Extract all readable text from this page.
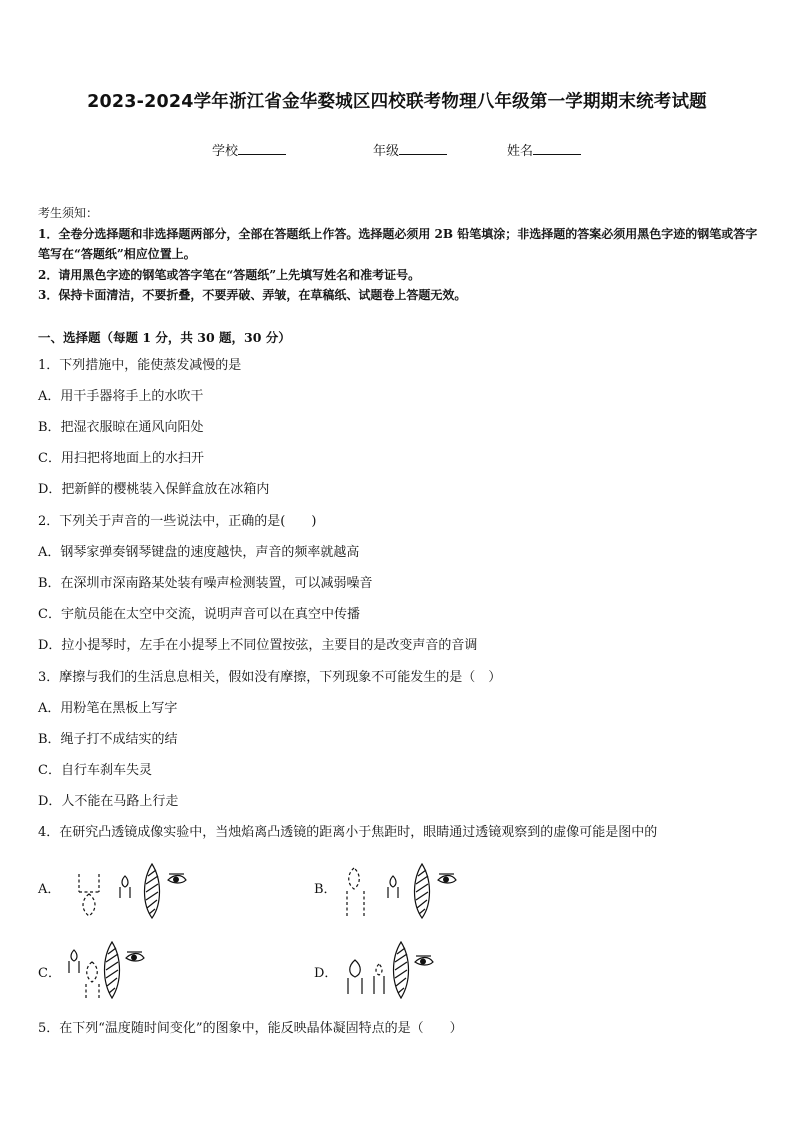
2023-2024学年浙江省金华婺城区四校联考物理八年级第一学期期末统考试题
学校	年级	姓名
考生须知：
1．全卷分选择题和非选择题两部分，全部在答题纸上作答。选择题必须用 2B 铅笔填涂；非选择题的答案必须用黑色字迹的钢笔或答字笔写在“答题纸”相应位置上。
2．请用黑色字迹的钢笔或答字笔在“答题纸”上先填写姓名和准考证号。
3．保持卡面清洁，不要折叠，不要弄破、弄皱，在草稿纸、试题卷上答题无效。
一、选择题（每题 1 分，共 30 题，30 分）
1．下列措施中，能使蒸发减慢的是
A．用干手器将手上的水吹干
B．把湿衣服晾在通风向阳处
C．用扫把将地面上的水扫开
D．把新鲜的樱桃装入保鲜盒放在冰箱内
2．下列关于声音的一些说法中，正确的是(　　)
A．钢琴家弹奏钢琴键盘的速度越快，声音的频率就越高
B．在深圳市深南路某处装有噪声检测装置，可以减弱噪音
C．宇航员能在太空中交流，说明声音可以在真空中传播
D．拉小提琴时，左手在小提琴上不同位置按弦，主要目的是改变声音的音调
3．摩擦与我们的生活息息相关，假如没有摩擦，下列现象不可能发生的是（　）
A．用粉笔在黑板上写字
B．绳子打不成结实的结
C．自行车刹车失灵
D．人不能在马路上行走
4．在研究凸透镜成像实验中，当烛焰离凸透镜的距离小于焦距时，眼睛通过透镜观察到的虚像可能是图中的
A．	B．
C．	D．
5．在下列“温度随时间变化”的图象中，能反映晶体凝固特点的是（　　）
